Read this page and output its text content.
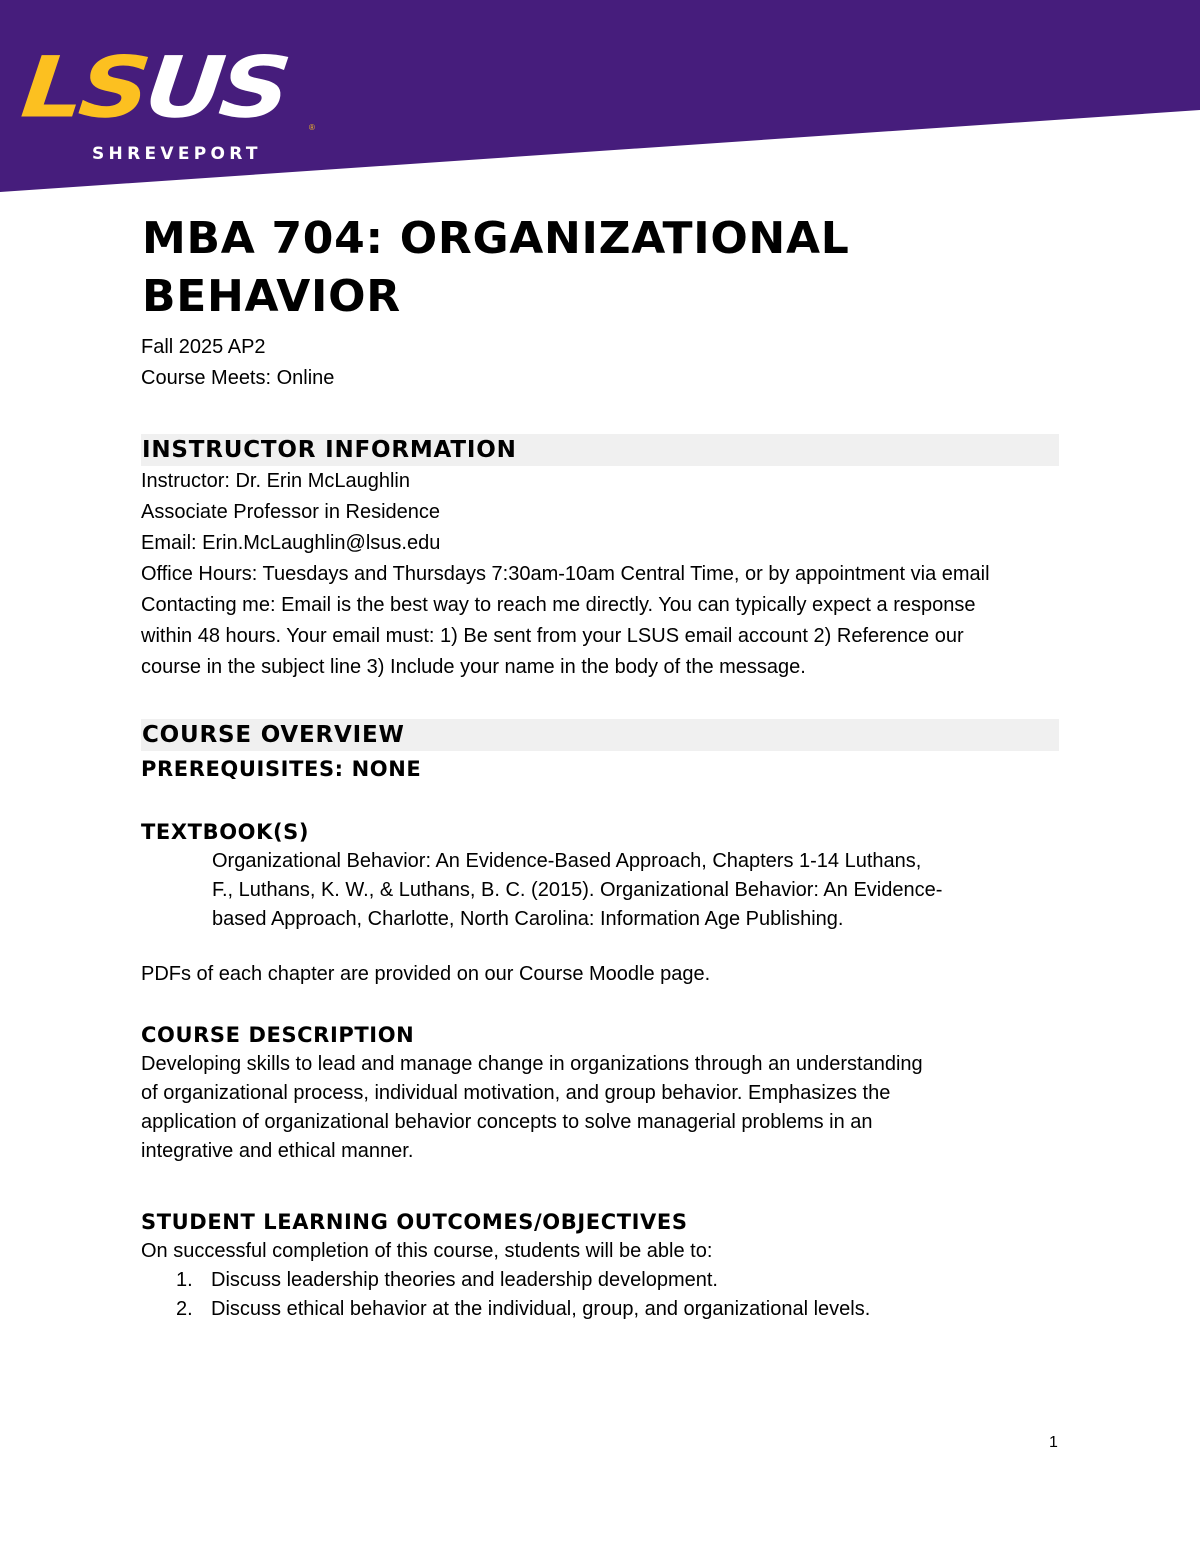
LSUS ®
SHREVEPORT
MBA 704: ORGANIZATIONAL
BEHAVIOR
Fall 2025 AP2
Course Meets: Online
INSTRUCTOR INFORMATION
Instructor: Dr. Erin McLaughlin
Associate Professor in Residence
Email: Erin.McLaughlin@lsus.edu
Office Hours: Tuesdays and Thursdays 7:30am-10am Central Time, or by appointment via email
Contacting me: Email is the best way to reach me directly. You can typically expect a response
within 48 hours. Your email must: 1) Be sent from your LSUS email account 2) Reference our
course in the subject line 3) Include your name in the body of the message.
COURSE OVERVIEW
PREREQUISITES: NONE
TEXTBOOK(S)
Organizational Behavior: An Evidence-Based Approach, Chapters 1-14 Luthans,
F., Luthans, K. W., & Luthans, B. C. (2015). Organizational Behavior: An Evidence-
based Approach, Charlotte, North Carolina: Information Age Publishing.
PDFs of each chapter are provided on our Course Moodle page.
COURSE DESCRIPTION
Developing skills to lead and manage change in organizations through an understanding
of organizational process, individual motivation, and group behavior. Emphasizes the
application of organizational behavior concepts to solve managerial problems in an
integrative and ethical manner.
STUDENT LEARNING OUTCOMES/OBJECTIVES
On successful completion of this course, students will be able to:
1. Discuss leadership theories and leadership development.
2. Discuss ethical behavior at the individual, group, and organizational levels.
1
